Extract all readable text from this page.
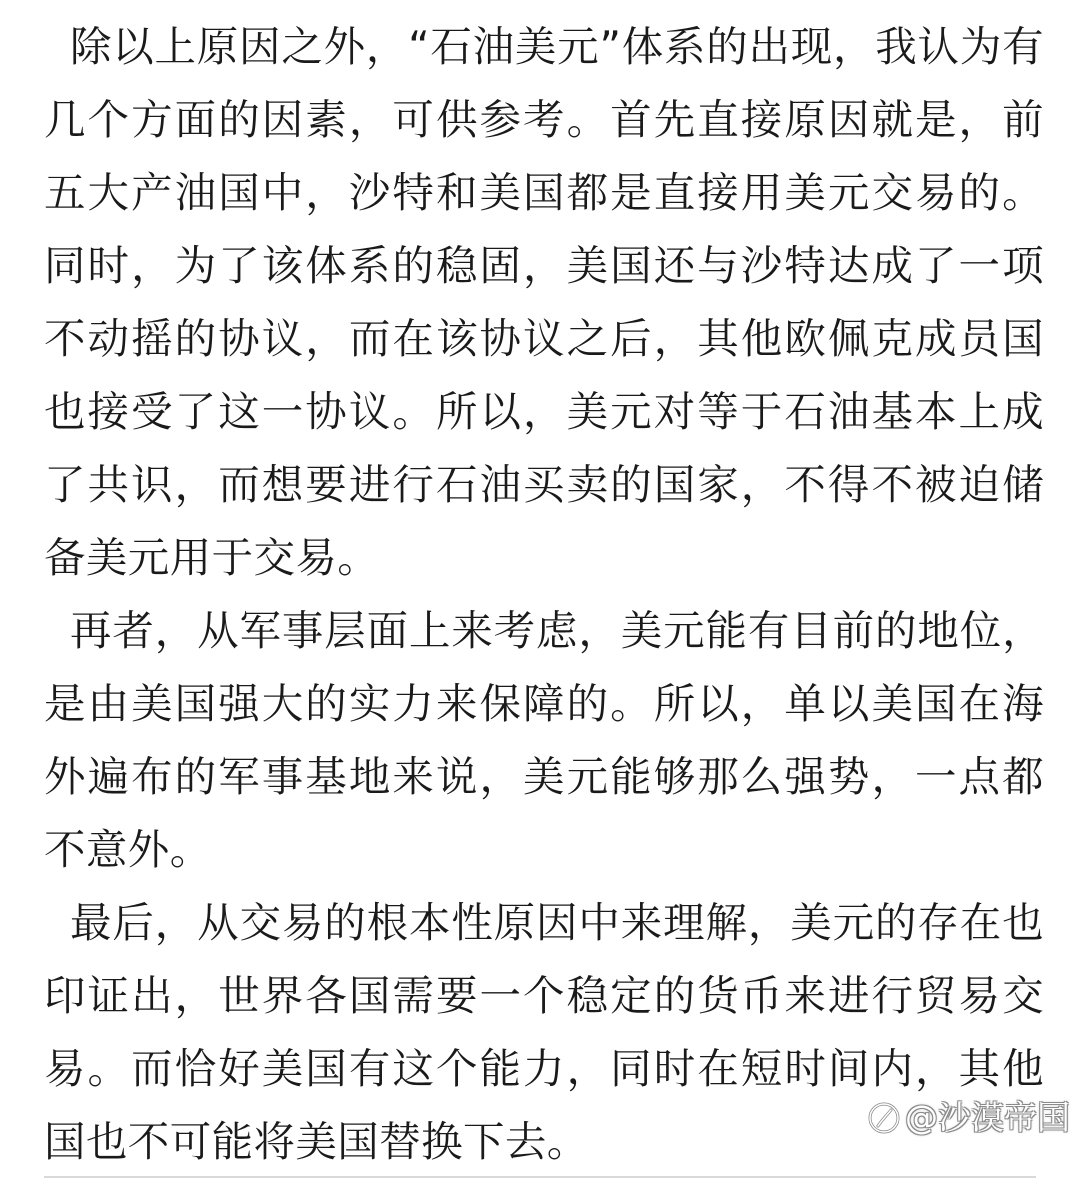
除以上原因之外，“石油美元”体系的出现，我认为有几个方面的因素，可供参考。首先直接原因就是，前五大产油国中，沙特和美国都是直接用美元交易的。同时，为了该体系的稳固，美国还与沙特达成了一项不动摇的协议，而在该协议之后，其他欧佩克成员国也接受了这一协议。所以，美元对等于石油基本上成了共识，而想要进行石油买卖的国家，不得不被迫储备美元用于交易。

再者，从军事层面上来考虑，美元能有目前的地位，是由美国强大的实力来保障的。所以，单以美国在海外遍布的军事基地来说，美元能够那么强势，一点都不意外。

最后，从交易的根本性原因中来理解，美元的存在也印证出，世界各国需要一个稳定的货币来进行贸易交易。而恰好美国有这个能力，同时在短时间内，其他国也不可能将美国替换下去。	@沙漠帝国
